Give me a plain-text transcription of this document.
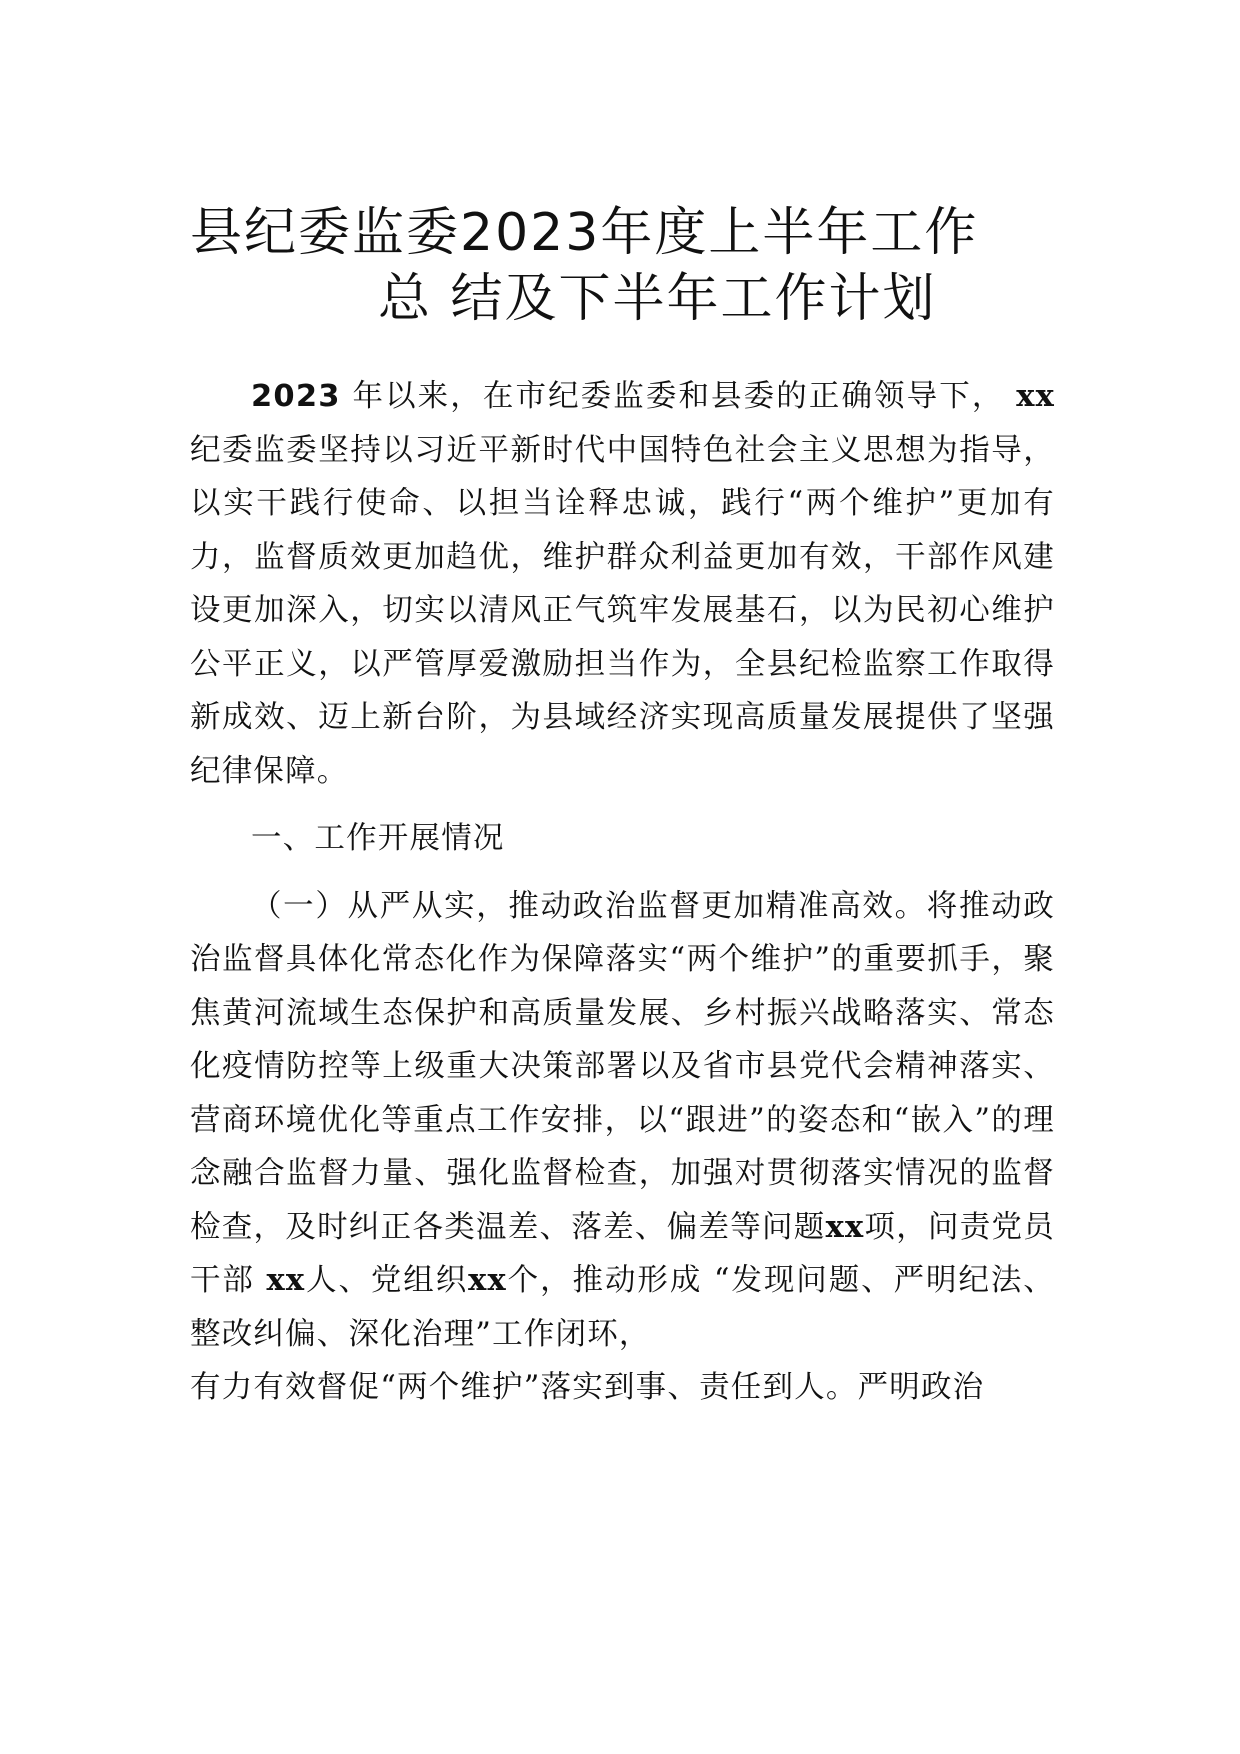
县纪委监委2023年度上半年工作
总 结及下半年工作计划

2023 年以来，在市纪委监委和县委的正确领导下， xx纪委监委坚持以习近平新时代中国特色社会主义思想为指导，以实干践行使命、以担当诠释忠诚，践行“两个维护”更加有力，监督质效更加趋优，维护群众利益更加有效，干部作风建设更加深入，切实以清风正气筑牢发展基石，以为民初心维护公平正义，以严管厚爱激励担当作为，全县纪检监察工作取得新成效、迈上新台阶，为县域经济实现高质量发展提供了坚强纪律保障。

一、工作开展情况

（一）从严从实，推动政治监督更加精准高效。将推动政治监督具体化常态化作为保障落实“两个维护”的重要抓手，聚焦黄河流域生态保护和高质量发展、乡村振兴战略落实、常态化疫情防控等上级重大决策部署以及省市县党代会精神落实、营商环境优化等重点工作安排，以“跟进”的姿态和“嵌入”的理念融合监督力量、强化监督检查，加强对贯彻落实情况的监督检查，及时纠正各类温差、落差、偏差等问题xx项，问责党员干部 xx人、党组织xx个，推动形成 “发现问题、严明纪法、整改纠偏、深化治理”工作闭环，

有力有效督促“两个维护”落实到事、责任到人。严明政治
